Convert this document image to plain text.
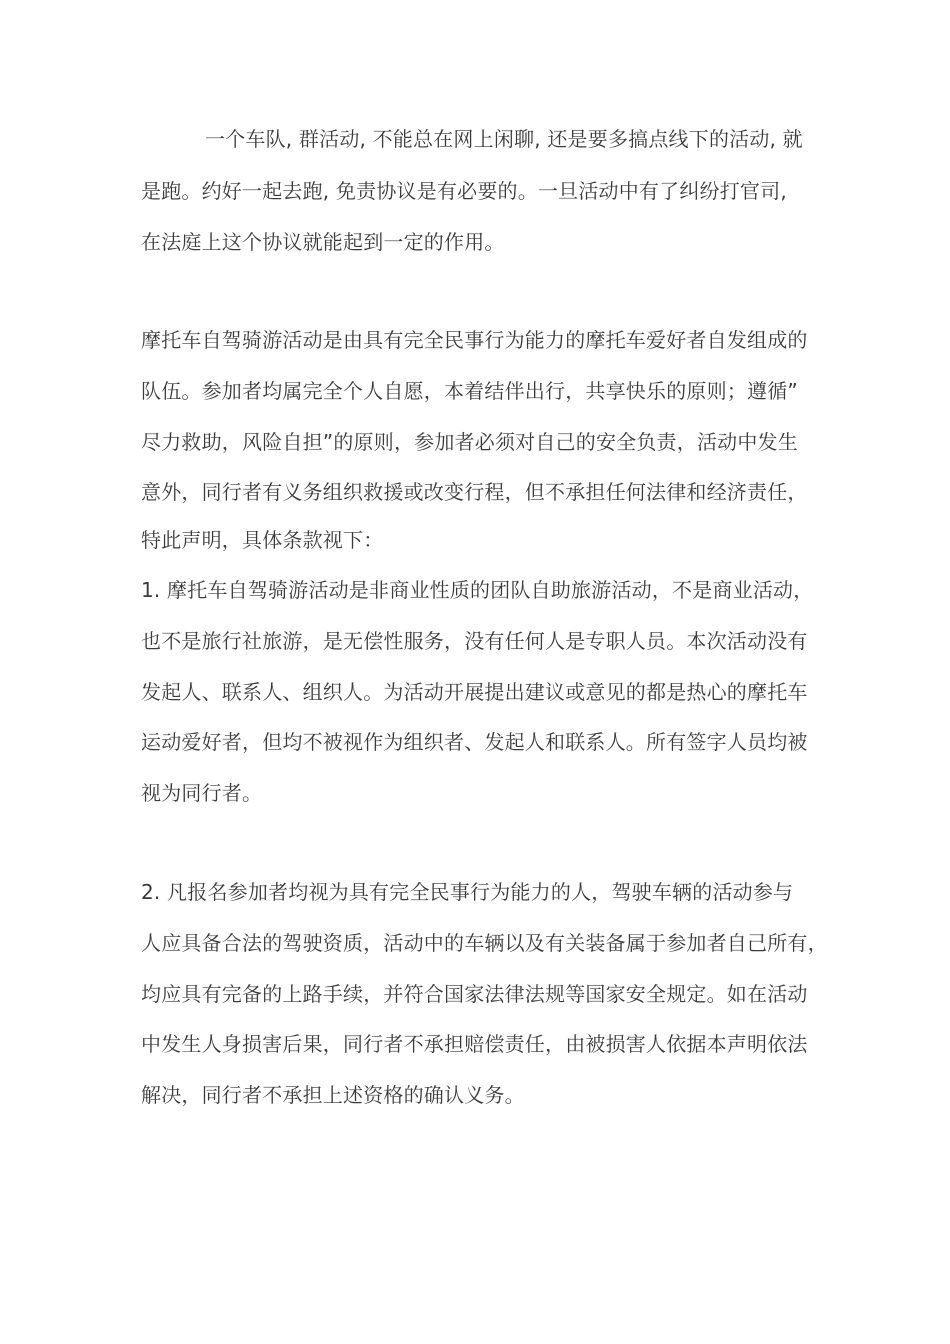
一个车队, 群活动, 不能总在网上闲聊, 还是要多搞点线下的活动, 就
是跑。约好一起去跑, 免责协议是有必要的。一旦活动中有了纠纷打官司,
在法庭上这个协议就能起到一定的作用。
摩托车自驾骑游活动是由具有完全民事行为能力的摩托车爱好者自发组成的
队伍。参加者均属完全个人自愿，本着结伴出行，共享快乐的原则；遵循”
尽力救助，风险自担”的原则，参加者必须对自己的安全负责，活动中发生
意外，同行者有义务组织救援或改变行程，但不承担任何法律和经济责任，
特此声明，具体条款视下：
1. 摩托车自驾骑游活动是非商业性质的团队自助旅游活动，不是商业活动，
也不是旅行社旅游，是无偿性服务，没有任何人是专职人员。本次活动没有
发起人、联系人、组织人。为活动开展提出建议或意见的都是热心的摩托车
运动爱好者，但均不被视作为组织者、发起人和联系人。所有签字人员均被
视为同行者。
2. 凡报名参加者均视为具有完全民事行为能力的人，驾驶车辆的活动参与
人应具备合法的驾驶资质，活动中的车辆以及有关装备属于参加者自己所有，
均应具有完备的上路手续，并符合国家法律法规等国家安全规定。如在活动
中发生人身损害后果，同行者不承担赔偿责任，由被损害人依据本声明依法
解决，同行者不承担上述资格的确认义务。
